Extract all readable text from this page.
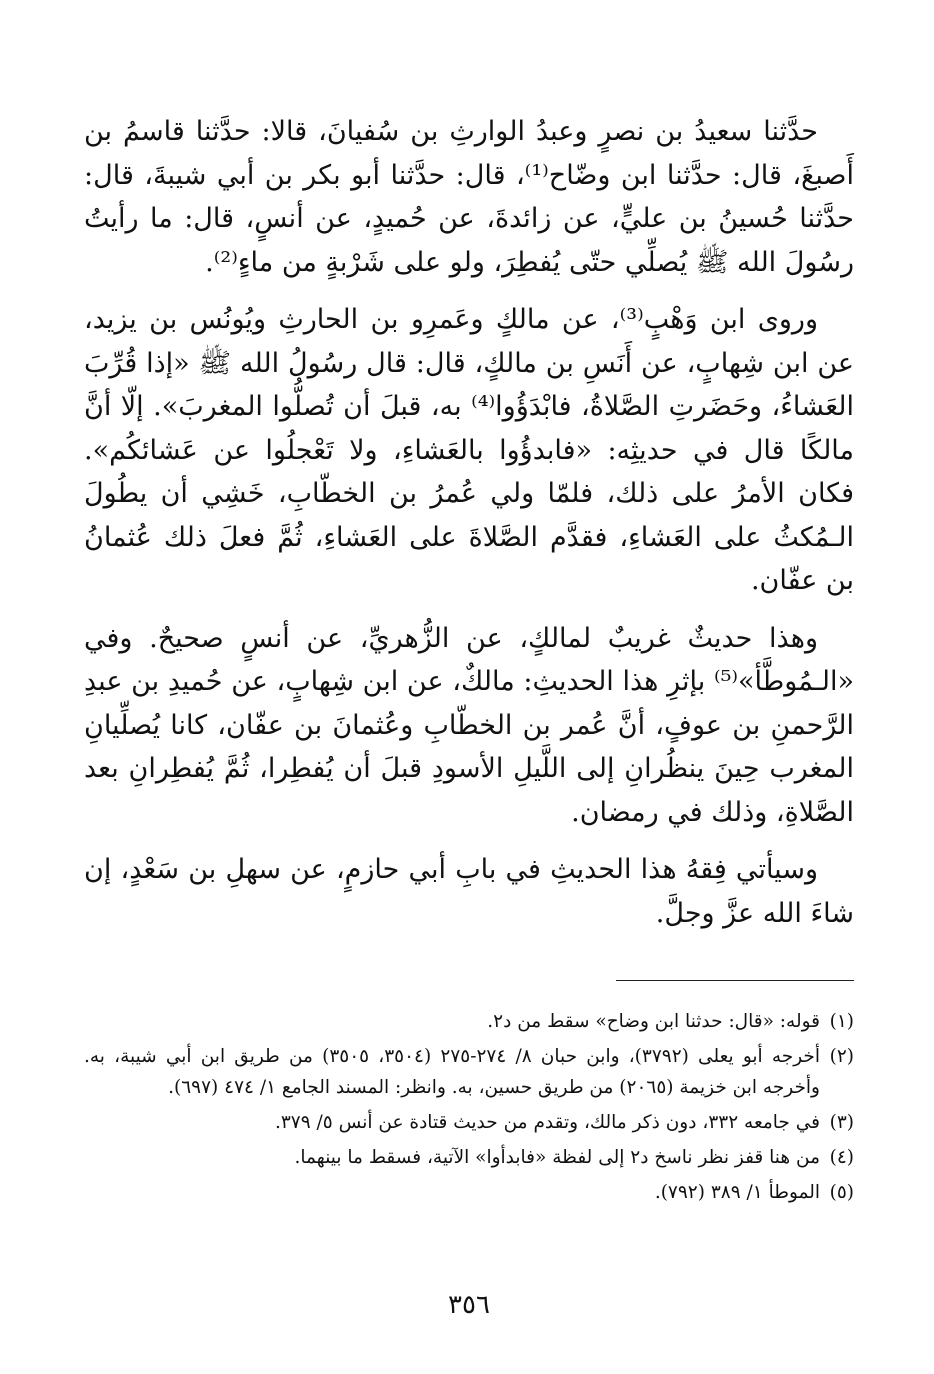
حدَّثنا سعيدُ بن نصرٍ وعبدُ الوارثِ بن سُفيانَ، قالا: حدَّثنا قاسمُ بن أَصبغَ، قال: حدَّثنا ابن وضّاح⁽¹⁾، قال: حدَّثنا أبو بكر بن أبي شيبةَ، قال: حدَّثنا حُسينُ بن عليٍّ، عن زائدةَ، عن حُميدٍ، عن أنسٍ، قال: ما رأيتُ رسُولَ الله ﷺ يُصلِّي حتّى يُفطِرَ، ولو على شَرْبةٍ من ماءٍ⁽²⁾.

وروى ابن وَهْبٍ⁽³⁾، عن مالكٍ وعَمرِو بن الحارثِ ويُونُس بن يزيد، عن ابن شِهابٍ، عن أَنَسِ بن مالكٍ، قال: قال رسُولُ الله ﷺ «إذا قُرِّبَ العَشاءُ، وحَضَرتِ الصَّلاةُ، فابْدَؤُوا⁽⁴⁾ به، قبلَ أن تُصلُّوا المغربَ». إلّا أنَّ مالكًا قال في حديثِه: «فابدؤُوا بالعَشاءِ، ولا تَعْجلُوا عن عَشائكُم». فكان الأمرُ على ذلك، فلمّا ولي عُمرُ بن الخطّابِ، خَشِي أن يطُولَ الـمُكثُ على العَشاءِ، فقدَّم الصَّلاةَ على العَشاءِ، ثُمَّ فعلَ ذلك عُثمانُ بن عفّان.

وهذا حديثٌ غريبٌ لمالكٍ، عن الزُّهريِّ، عن أنسٍ صحيحٌ. وفي «الـمُوطَّأ»⁽⁵⁾ بإثرِ هذا الحديثِ: مالكٌ، عن ابن شِهابٍ، عن حُميدِ بن عبدِ الرَّحمنِ بن عوفٍ، أنَّ عُمر بن الخطّابِ وعُثمانَ بن عفّان، كانا يُصلِّيانِ المغرب حِينَ ينظُرانِ إلى اللَّيلِ الأسودِ قبلَ أن يُفطِرا، ثُمَّ يُفطِرانِ بعد الصَّلاةِ، وذلك في رمضان.

وسيأتي فِقهُ هذا الحديثِ في بابِ أبي حازمٍ، عن سهلِ بن سَعْدٍ، إن شاءَ الله عزَّ وجلَّ.

(١)
قوله: «قال: حدثنا ابن وضاح» سقط من د٢.
(٢)
أخرجه أبو يعلى (٣٧٩٢)، وابن حبان ٨/ ٢٧٤-٢٧٥ (٣٥٠٤، ٣٥٠٥) من طريق ابن أبي شيبة، به. وأخرجه ابن خزيمة (٢٠٦٥) من طريق حسين، به. وانظر: المسند الجامع ١/ ٤٧٤ (٦٩٧).
(٣)
في جامعه ٣٣٢، دون ذكر مالك، وتقدم من حديث قتادة عن أنس ٥/ ٣٧٩.
(٤)
من هنا قفز نظر ناسخ د٢ إلى لفظة «فابدأوا» الآتية، فسقط ما بينهما.
(٥)
الموطأ ١/ ٣٨٩ (٧٩٢).
٣٥٦
